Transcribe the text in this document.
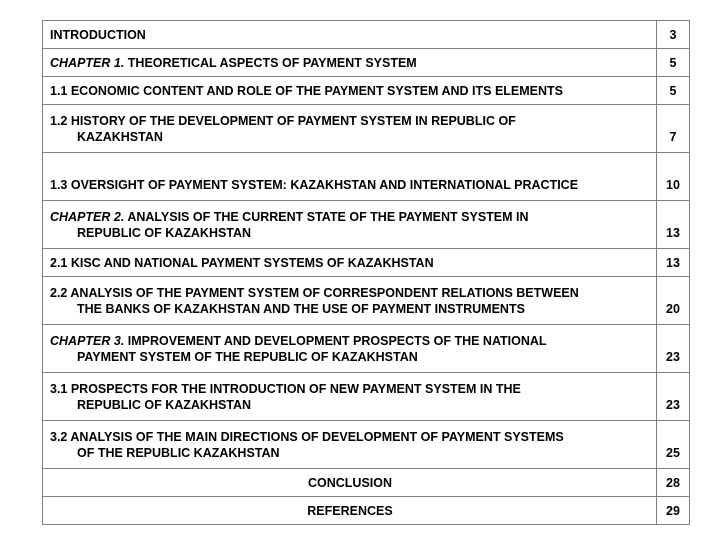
INTRODUCTION	3
CHAPTER 1. THEORETICAL ASPECTS OF PAYMENT SYSTEM	5
1.1 ECONOMIC CONTENT AND ROLE OF THE PAYMENT SYSTEM AND ITS ELEMENTS	5

1.2 HISTORY OF THE DEVELOPMENT OF PAYMENT SYSTEM IN REPUBLIC OF
KAZAKHSTAN	7

1.3 OVERSIGHT OF PAYMENT SYSTEM: KAZAKHSTAN AND INTERNATIONAL PRACTICE	10

CHAPTER 2. ANALYSIS OF THE CURRENT STATE OF THE PAYMENT SYSTEM IN
REPUBLIC OF KAZAKHSTAN	13
2.1 KISC AND NATIONAL PAYMENT SYSTEMS OF KAZAKHSTAN	13

2.2 ANALYSIS OF THE PAYMENT SYSTEM OF CORRESPONDENT RELATIONS BETWEEN
THE BANKS OF KAZAKHSTAN AND THE USE OF PAYMENT INSTRUMENTS	20

CHAPTER 3. IMPROVEMENT AND DEVELOPMENT PROSPECTS OF THE NATIONAL
PAYMENT SYSTEM OF THE REPUBLIC OF KAZAKHSTAN	23

3.1 PROSPECTS FOR THE INTRODUCTION OF NEW PAYMENT SYSTEM IN THE
REPUBLIC OF KAZAKHSTAN	23

3.2 ANALYSIS OF THE MAIN DIRECTIONS OF DEVELOPMENT OF PAYMENT SYSTEMS
OF THE REPUBLIC KAZAKHSTAN	25
CONCLUSION	28
REFERENCES	29
